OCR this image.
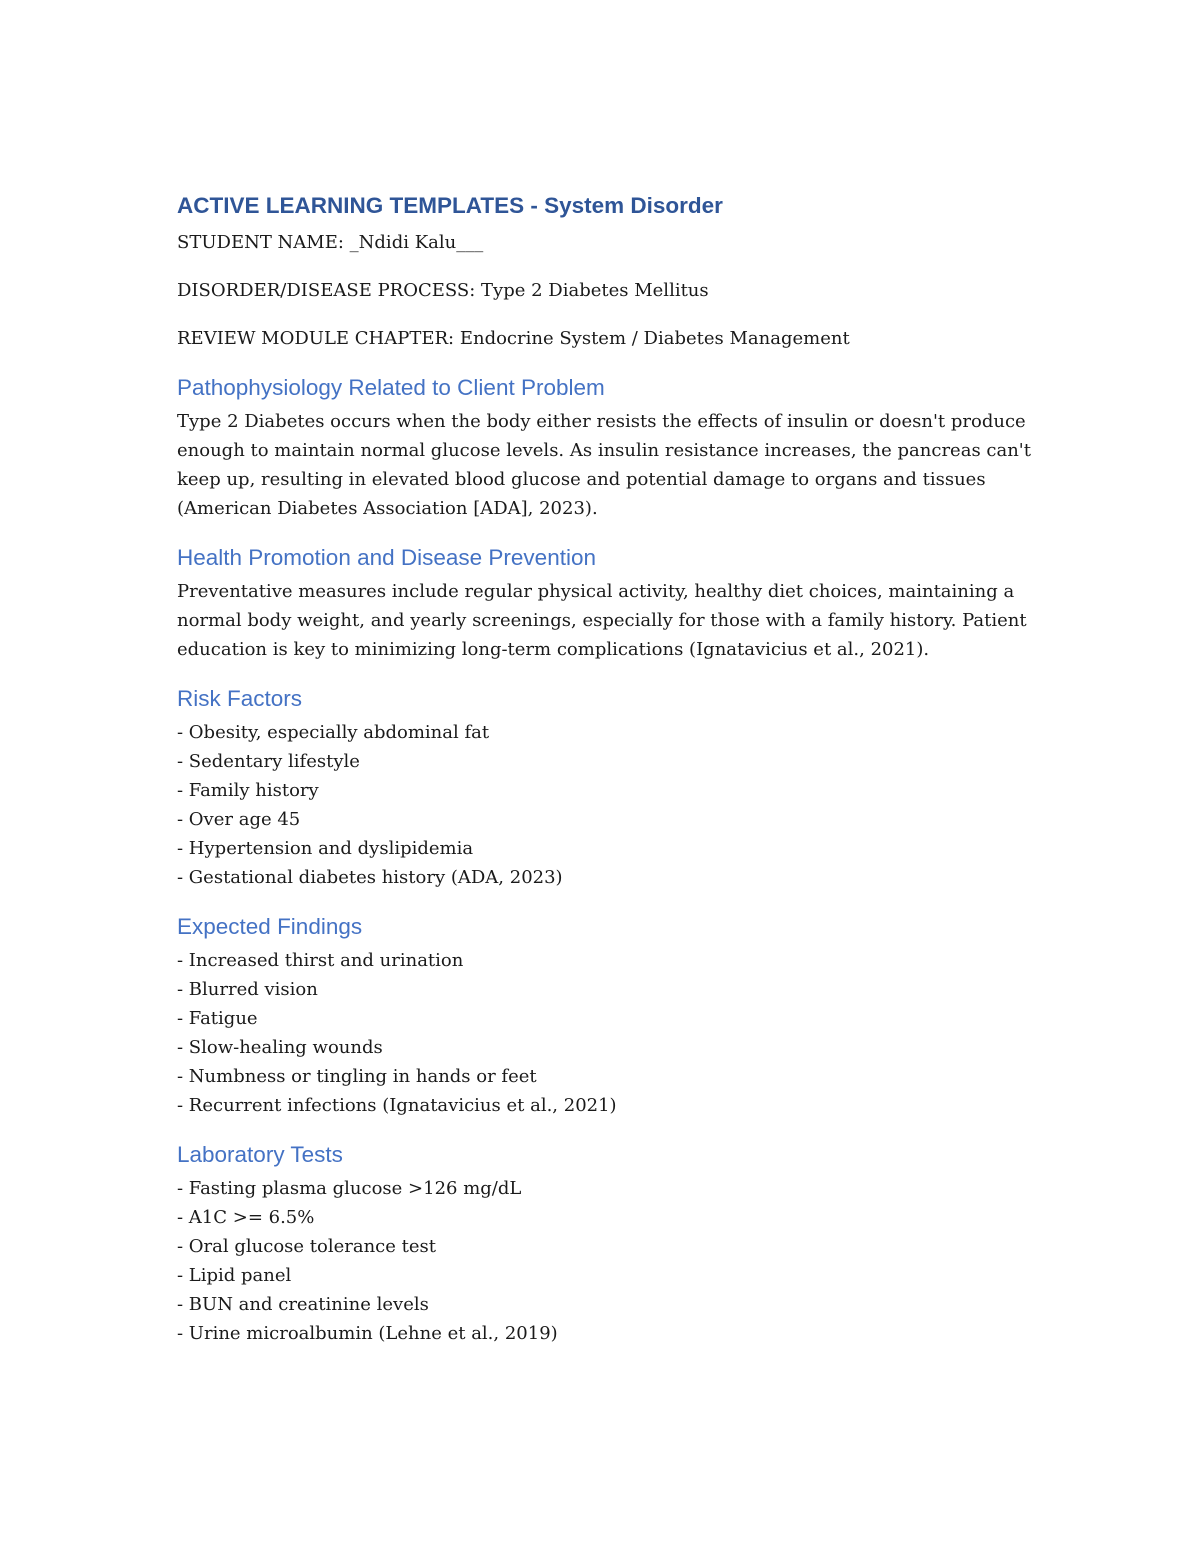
ACTIVE LEARNING TEMPLATES - System Disorder

STUDENT NAME: _Ndidi Kalu___

DISORDER/DISEASE PROCESS: Type 2 Diabetes Mellitus

REVIEW MODULE CHAPTER: Endocrine System / Diabetes Management

Pathophysiology Related to Client Problem

Type 2 Diabetes occurs when the body either resists the effects of insulin or doesn't produce enough to maintain normal glucose levels. As insulin resistance increases, the pancreas can't keep up, resulting in elevated blood glucose and potential damage to organs and tissues (American Diabetes Association [ADA], 2023).

Health Promotion and Disease Prevention

Preventative measures include regular physical activity, healthy diet choices, maintaining a normal body weight, and yearly screenings, especially for those with a family history. Patient education is key to minimizing long-term complications (Ignatavicius et al., 2021).

Risk Factors
- Obesity, especially abdominal fat
- Sedentary lifestyle
- Family history
- Over age 45
- Hypertension and dyslipidemia
- Gestational diabetes history (ADA, 2023)
Expected Findings
- Increased thirst and urination
- Blurred vision
- Fatigue
- Slow-healing wounds
- Numbness or tingling in hands or feet
- Recurrent infections (Ignatavicius et al., 2021)
Laboratory Tests
- Fasting plasma glucose >126 mg/dL
- A1C >= 6.5%
- Oral glucose tolerance test
- Lipid panel
- BUN and creatinine levels
- Urine microalbumin (Lehne et al., 2019)
